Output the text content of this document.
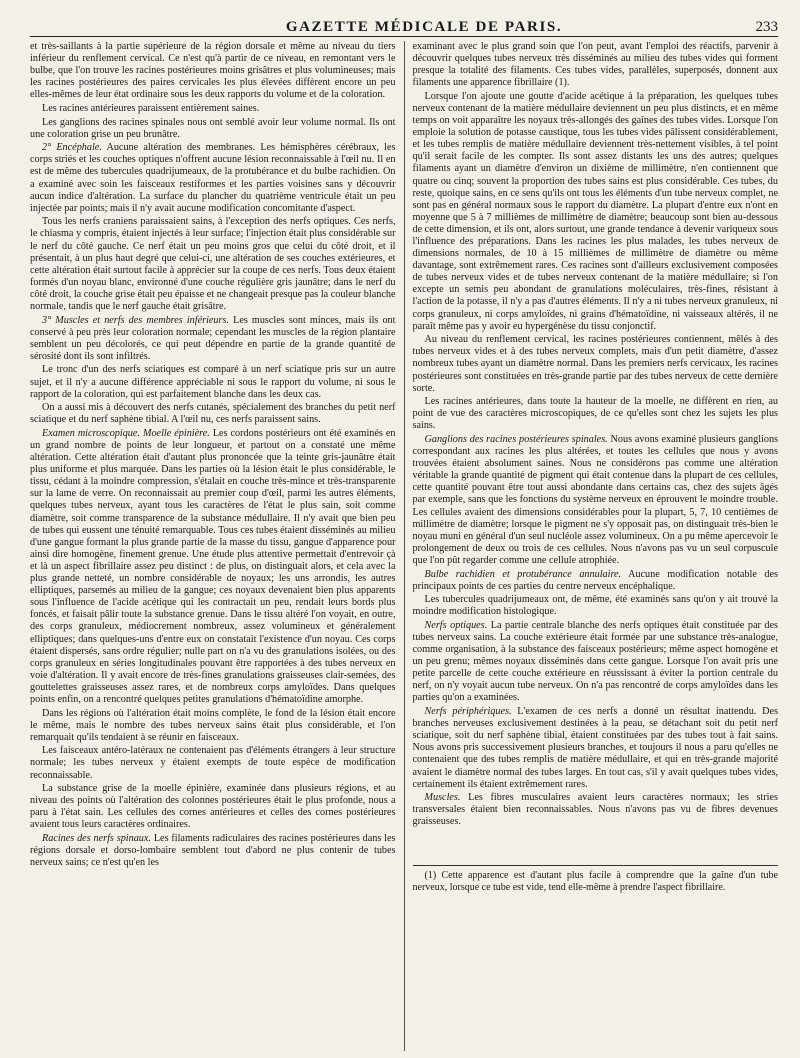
GAZETTE MÉDICALE DE PARIS.	233

et très-saillants à la partie supérieure de la région dorsale et même au niveau du tiers inférieur du renflement cervical. Ce n'est qu'à partir de ce niveau, en remontant vers le bulbe, que l'on trouve les racines postérieures moins grisâtres et plus volumineuses; mais les racines postérieures des paires cervicales les plus élevées diffèrent encore un peu elles-mêmes de leur état ordinaire sous les deux rapports du volume et de la coloration.

Les racines antérieures paraissent entièrement saines.

Les ganglions des racines spinales nous ont semblé avoir leur volume normal. Ils ont une coloration grise un peu brunâtre.

2° Encéphale. Aucune altération des membranes. Les hémisphères cérébraux, les corps striés et les couches optiques n'offrent aucune lésion reconnaissable à l'œil nu. Il en est de même des tubercules quadrijumeaux, de la protubérance et du bulbe rachidien. On a examiné avec soin les faisceaux restiformes et les parties voisines sans y découvrir aucun indice d'altération. La surface du plancher du quatrième ventricule était un peu injectée par points; mais il n'y avait aucune modification concomitante d'aspect.

Tous les nerfs craniens paraissaient sains, à l'exception des nerfs optiques. Ces nerfs, le chiasma y compris, étaient injectés à leur surface; l'injection était plus considérable sur le nerf du côté gauche. Ce nerf était un peu moins gros que celui du côté droit, et il présentait, à un plus haut degré que celui-ci, une altération de ses couches extérieures, et cette altération était surtout facile à apprécier sur la coupe de ces nerfs. Tous deux étaient formés d'un noyau blanc, environné d'une couche régulière gris jaunâtre; dans le nerf du côté droit, la couche grise était peu épaisse et ne changeait presque pas la couleur blanche normale, tandis que le nerf gauche était grisâtre.

3° Muscles et nerfs des membres inférieurs. Les muscles sont minces, mais ils ont conservé à peu près leur coloration normale; cependant les muscles de la région plantaire semblent un peu décolorés, ce qui peut dépendre en partie de la grande quantité de sérosité dont ils sont infiltrés.

Le tronc d'un des nerfs sciatiques est comparé à un nerf sciatique pris sur un autre sujet, et il n'y a aucune différence appréciable ni sous le rapport du volume, ni sous le rapport de la coloration, qui est parfaitement blanche dans les deux cas.

On a aussi mis à découvert des nerfs cutanés, spécialement des branches du petit nerf sciatique et du nerf saphène tibial. A l'œil nu, ces nerfs paraissent sains.

Examen microscopique. Moelle épinière. Les cordons postérieurs ont été examinés en un grand nombre de points de leur longueur, et partout on a constaté une même altération. Cette altération était d'autant plus prononcée que la teinte gris-jaunâtre était plus uniforme et plus marquée. Dans les parties où la lésion était le plus considérable, le tissu, cédant à la moindre compression, s'étalait en couche très-mince et très-transparente sur la lame de verre. On reconnaissait au premier coup d'œil, parmi les autres éléments, quelques tubes nerveux, ayant tous les caractères de l'état le plus sain, soit comme diamètre, soit comme transparence de la substance médullaire. Il n'y avait que bien peu de tubes qui eussent une ténuité remarquable. Tous ces tubes étaient disséminés au milieu d'une gangue formant la plus grande partie de la masse du tissu, gangue d'apparence pour ainsi dire homogène, finement grenue. Une étude plus attentive permettait d'entrevoir çà et là un aspect fibrillaire assez peu distinct : de plus, on distinguait alors, et cela avec la plus grande netteté, un nombre considérable de noyaux; les uns arrondis, les autres elliptiques, parsemés au milieu de la gangue; ces noyaux devenaient bien plus apparents sous l'influence de l'acide acétique qui les contractait un peu, rendait leurs bords plus foncés, et faisait pâlir toute la substance grenue. Dans le tissu altéré l'on voyait, en outre, des corps granuleux, médiocrement nombreux, assez volumineux et généralement elliptiques; dans quelques-uns d'entre eux on constatait l'existence d'un noyau. Ces corps étaient dispersés, sans ordre régulier; nulle part on n'a vu des granulations isolées, ou des corps granuleux en séries longitudinales pouvant être rapportées à des tubes nerveux en voie d'altération. Il y avait encore de très-fines granulations graisseuses clair-semées, des gouttelettes graisseuses assez rares, et de nombreux corps amyloïdes. Dans quelques points enfin, on a rencontré quelques petites granulations d'hématoïdine amorphe.

Dans les régions où l'altération était moins complète, le fond de la lésion était encore le même, mais le nombre des tubes nerveux sains était plus considérable, et l'on remarquait qu'ils tendaient à se réunir en faisceaux.

Les faisceaux antéro-latéraux ne contenaient pas d'éléments étrangers à leur structure normale; les tubes nerveux y étaient exempts de toute espèce de modification reconnaissable.

La substance grise de la moelle épinière, examinée dans plusieurs régions, et au niveau des points où l'altération des colonnes postérieures était le plus profonde, nous a paru à l'état sain. Les cellules des cornes antérieures et celles des cornes postérieures avaient tous leurs caractères ordinaires.

Racines des nerfs spinaux. Les filaments radiculaires des racines postérieures dans les régions dorsale et dorso-lombaire semblent tout d'abord ne plus contenir de tubes nerveux sains; ce n'est qu'en les

examinant avec le plus grand soin que l'on peut, avant l'emploi des réactifs, parvenir à découvrir quelques tubes nerveux très disséminés au milieu des tubes vides qui forment presque la totalité des filaments. Ces tubes vides, parallèles, superposés, donnent aux filaments une apparence fibrillaire (1).

Lorsque l'on ajoute une goutte d'acide acétique à la préparation, les quelques tubes nerveux contenant de la matière médullaire deviennent un peu plus distincts, et en même temps on voit apparaître les noyaux très-allongés des gaînes des tubes vides. Lorsque l'on emploie la solution de potasse caustique, tous les tubes vides pâlissent considérablement, et les tubes remplis de matière médullaire deviennent très-nettement visibles, à tel point qu'il serait facile de les compter. Ils sont assez distants les uns des autres; quelques filaments ayant un diamètre d'environ un dixième de millimètre, n'en contiennent que quatre ou cinq; souvent la proportion des tubes sains est plus considérable. Ces tubes, du reste, quoique sains, en ce sens qu'ils ont tous les éléments d'un tube nerveux complet, ne sont pas en général normaux sous le rapport du diamètre. La plupart d'entre eux n'ont en moyenne que 5 à 7 millièmes de millimètre de diamètre; beaucoup sont bien au-dessous de cette dimension, et ils ont, alors surtout, une grande tendance à devenir variqueux sous l'influence des préparations. Dans les racines les plus malades, les tubes nerveux de dimensions normales, de 10 à 15 millièmes de millimètre de diamètre ou même davantage, sont extrêmement rares. Ces racines sont d'ailleurs exclusivement composées de tubes nerveux vides et de tubes nerveux contenant de la matière médullaire; si l'on excepte un semis peu abondant de granulations moléculaires, très-fines, résistant à l'action de la potasse, il n'y a pas d'autres éléments. Il n'y a ni tubes nerveux granuleux, ni corps granuleux, ni corps amyloïdes, ni grains d'hématoïdine, ni vaisseaux altérés, il ne paraît même pas y avoir eu hypergénèse du tissu conjonctif.

Au niveau du renflement cervical, les racines postérieures contiennent, mêlés à des tubes nerveux vides et à des tubes nerveux complets, mais d'un petit diamètre, d'assez nombreux tubes ayant un diamètre normal. Dans les premiers nerfs cervicaux, les racines postérieures sont constituées en très-grande partie par des tubes nerveux de cette dernière sorte.

Les racines antérieures, dans toute la hauteur de la moelle, ne diffèrent en rien, au point de vue des caractères microscopiques, de ce qu'elles sont chez les sujets les plus sains.

Ganglions des racines postérieures spinales. Nous avons examiné plusieurs ganglions correspondant aux racines les plus altérées, et toutes les cellules que nous y avons trouvées étaient absolument saines. Nous ne considérons pas comme une altération véritable la grande quantité de pigment qui était contenue dans la plupart de ces cellules, cette quantité pouvant être tout aussi abondante dans certains cas, chez des sujets âgés par exemple, sans que les fonctions du système nerveux en éprouvent le moindre trouble. Les cellules avaient des dimensions considérables pour la plupart, 5, 7, 10 centièmes de millimètre de diamètre; lorsque le pigment ne s'y opposait pas, on distinguait très-bien le noyau muni en général d'un seul nucléole assez volumineux. On a pu même apercevoir le prolongement de deux ou trois de ces cellules. Nous n'avons pas vu un seul corpuscule que l'on pût regarder comme une cellule atrophiée.

Bulbe rachidien et protubérance annulaire. Aucune modification notable des principaux points de ces parties du centre nerveux encéphalique.

Les tubercules quadrijumeaux ont, de même, été examinés sans qu'on y ait trouvé la moindre modification histologique.

Nerfs optiques. La partie centrale blanche des nerfs optiques était constituée par des tubes nerveux sains. La couche extérieure était formée par une substance très-analogue, comme organisation, à la substance des faisceaux postérieurs; même aspect homogène et un peu grenu; mêmes noyaux disséminés dans cette gangue. Lorsque l'on avait pris une petite parcelle de cette couche extérieure en réussissant à éviter la portion centrale du nerf, on n'y voyait aucun tube nerveux. On n'a pas rencontré de corps amyloïdes dans les parties qu'on a examinées.

Nerfs périphériques. L'examen de ces nerfs a donné un résultat inattendu. Des branches nerveuses exclusivement destinées à la peau, se détachant soit du petit nerf sciatique, soit du nerf saphène tibial, étaient constituées par des tubes tout à fait sains. Nous avons pris successivement plusieurs branches, et toujours il nous a paru qu'elles ne contenaient que des tubes remplis de matière médullaire, et qui en très-grande majorité avaient le diamètre normal des tubes larges. En tout cas, s'il y avait quelques tubes vides, certainement ils étaient extrêmement rares.

Muscles. Les fibres musculaires avaient leurs caractères normaux; les stries transversales étaient bien reconnaissables. Nous n'avons pas vu de fibres devenues graisseuses.

(1) Cette apparence est d'autant plus facile à comprendre que la gaîne d'un tube nerveux, lorsque ce tube est vide, tend elle-même à prendre l'aspect fibrillaire.
